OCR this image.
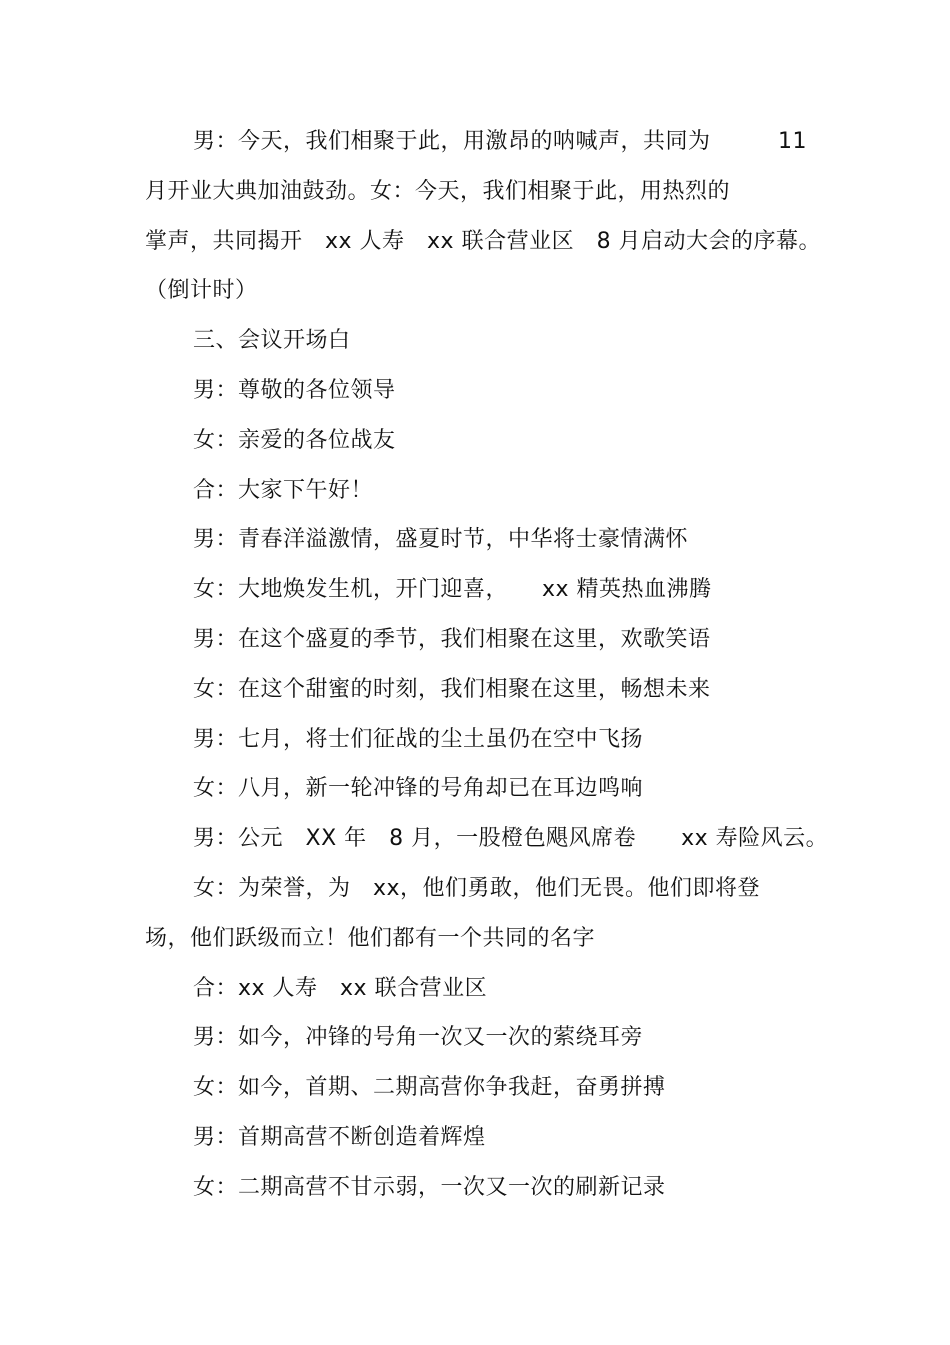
男：今天，我们相聚于此，用激昂的呐喊声，共同为　　　11
月开业大典加油鼓劲。女：今天，我们相聚于此，用热烈的
掌声，共同揭开　xx 人寿　xx 联合营业区　8 月启动大会的序幕。
（倒计时）
三、会议开场白
男：尊敬的各位领导
女：亲爱的各位战友
合：大家下午好！
男：青春洋溢激情，盛夏时节，中华将士豪情满怀
女：大地焕发生机，开门迎喜，　　xx 精英热血沸腾
男：在这个盛夏的季节，我们相聚在这里，欢歌笑语
女：在这个甜蜜的时刻，我们相聚在这里，畅想未来
男：七月，将士们征战的尘土虽仍在空中飞扬
女：八月，新一轮冲锋的号角却已在耳边鸣响
男：公元　XX 年　8 月，一股橙色飓风席卷　　xx 寿险风云。
女：为荣誉，为　xx，他们勇敢，他们无畏。他们即将登
场，他们跃级而立！他们都有一个共同的名字
合：xx 人寿　xx 联合营业区
男：如今，冲锋的号角一次又一次的萦绕耳旁
女：如今，首期、二期高营你争我赶，奋勇拼搏
男：首期高营不断创造着辉煌
女：二期高营不甘示弱，一次又一次的刷新记录
